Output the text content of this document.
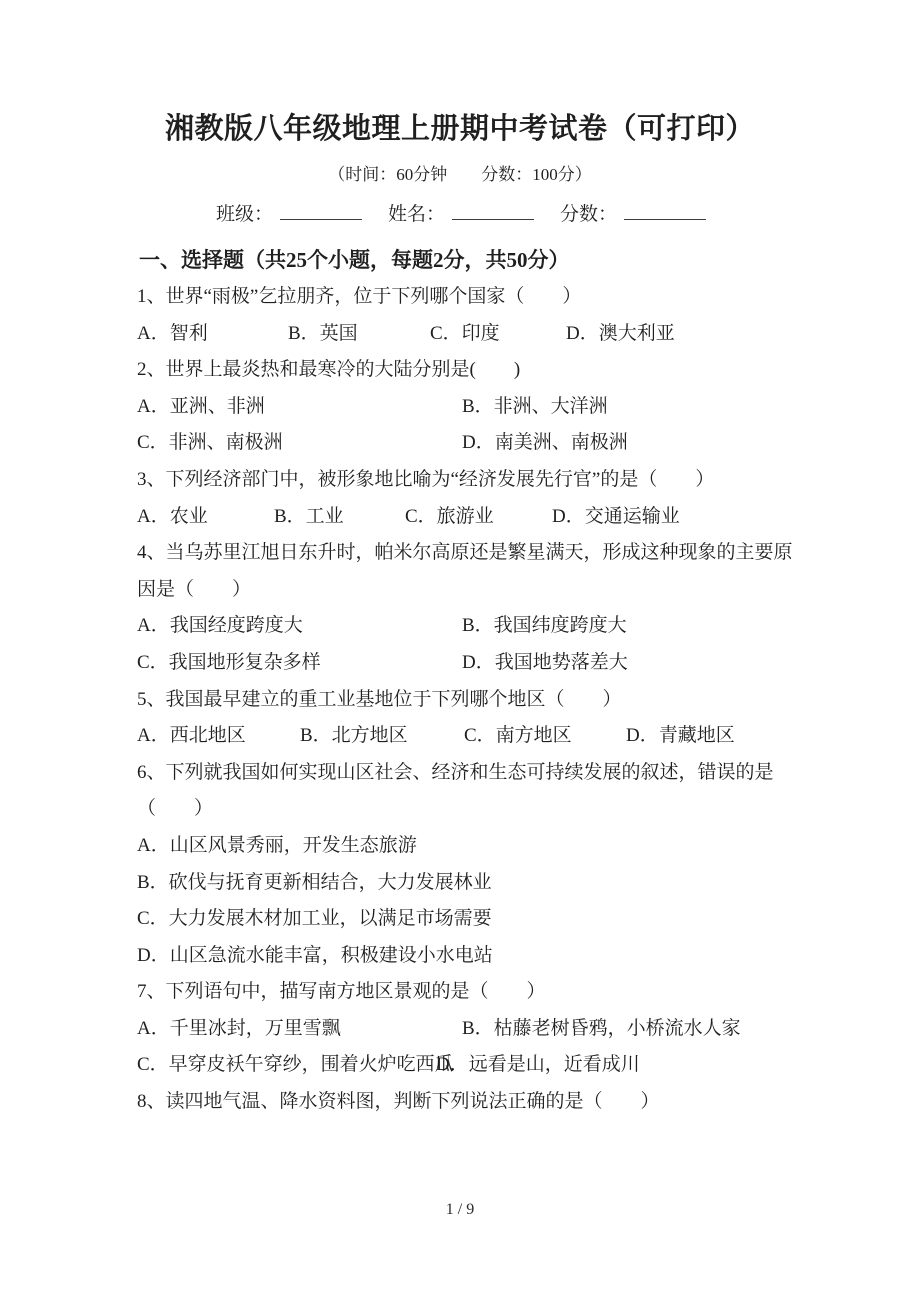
湘教版八年级地理上册期中考试卷（可打印）
（时间：60分钟　　分数：100分）
班级：	姓名：	分数：
一、选择题（共25个小题，每题2分，共50分）
1、世界“雨极”乞拉朋齐，位于下列哪个国家（　　）
A．智利	B．英国	C．印度	D．澳大利亚
2、世界上最炎热和最寒冷的大陆分别是(　　)
A．亚洲、非洲	B．非洲、大洋洲
C．非洲、南极洲	D．南美洲、南极洲
3、下列经济部门中，被形象地比喻为“经济发展先行官”的是（　　）
A．农业	B．工业	C．旅游业	D．交通运输业
4、当乌苏里江旭日东升时，帕米尔高原还是繁星满天，形成这种现象的主要原
因是（　　）
A．我国经度跨度大	B．我国纬度跨度大
C．我国地形复杂多样	D．我国地势落差大
5、我国最早建立的重工业基地位于下列哪个地区（　　）
A．西北地区	B．北方地区	C．南方地区	D．青藏地区
6、下列就我国如何实现山区社会、经济和生态可持续发展的叙述，错误的是
（　　）
A．山区风景秀丽，开发生态旅游
B．砍伐与抚育更新相结合，大力发展林业
C．大力发展木材加工业，以满足市场需要
D．山区急流水能丰富，积极建设小水电站
7、下列语句中，描写南方地区景观的是（　　）
A．千里冰封，万里雪飘	B．枯藤老树昏鸦，小桥流水人家
C．早穿皮袄午穿纱，围着火炉吃西瓜
D．远看是山，近看成川
8、读四地气温、降水资料图，判断下列说法正确的是（　　）
1 / 9
